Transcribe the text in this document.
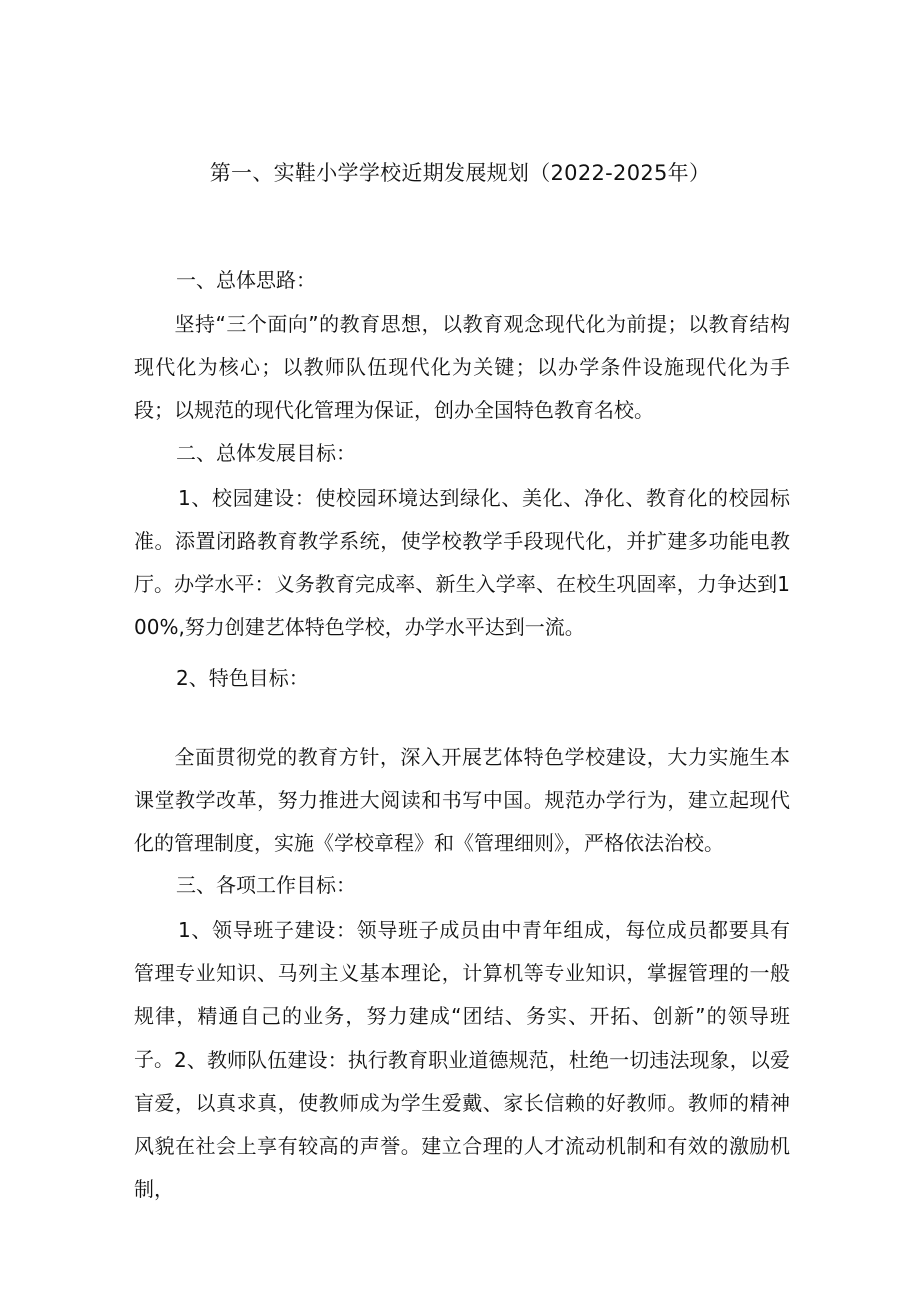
第一、实鞋小学学校近期发展规划（2022-2025年）
一、总体思路：
坚持“三个面向”的教育思想，以教育观念现代化为前提；以教育结构现代化为核心；以教师队伍现代化为关键；以办学条件设施现代化为手段；以规范的现代化管理为保证，创办全国特色教育名校。
二、总体发展目标：
1、校园建设：使校园环境达到绿化、美化、净化、教育化的校园标准。添置闭路教育教学系统，使学校教学手段现代化，并扩建多功能电教厅。 办学水平：义务教育完成率、新生入学率、在校生巩固率，力争达到100%,努力创建艺体特色学校，办学水平达到一流。
2、特色目标：
全面贯彻党的教育方针，深入开展艺体特色学校建设，大力实施生本课堂教学改革，努力推进大阅读和书写中国。规范办学行为，建立起现代化的管理制度，实施《学校章程》和《管理细则》，严格依法治校。
三、各项工作目标：
1、领导班子建设：领导班子成员由中青年组成，每位成员都要具有管理专业知识、马列主义基本理论，计算机等专业知识，掌握管理的一般规律，精通自己的业务，努力建成“团结、务实、开拓、创新”的领导班子。 2、教师队伍建设：执行教育职业道德规范，杜绝一切违法现象，以爱盲爱，以真求真，使教师成为学生爱戴、家长信赖的好教师。教师的精神风貌在社会上享有较高的声誉。建立合理的人才流动机制和有效的激励机制，
